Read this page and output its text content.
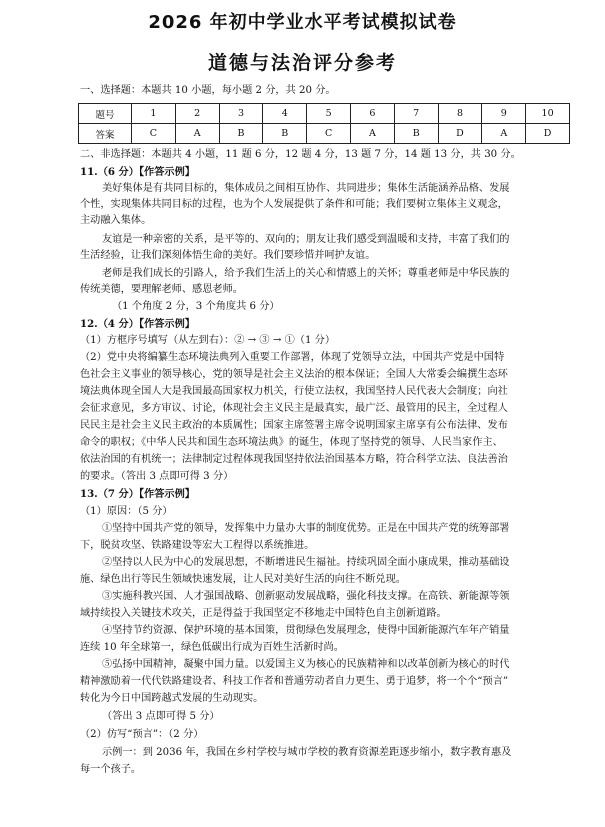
2026 年初中学业水平考试模拟试卷
道德与法治评分参考
一、选择题：本题共 10 小题，每小题 2 分，共 20 分。
题号	1	2	3	4	5	6	7	8	9	10
答案	C	A	B	B	C	A	B	D	A	D
二、非选择题：本题共 4 小题，11 题 6 分，12 题 4 分，13 题 7 分，14 题 13 分，共 30 分。
11.（6 分）【作答示例】
美好集体是有共同目标的，集体成员之间相互协作、共同进步；集体生活能涵养品格、发展
个性，实现集体共同目标的过程，也为个人发展提供了条件和可能；我们要树立集体主义观念，
主动融入集体。
友谊是一种亲密的关系，是平等的、双向的；朋友让我们感受到温暖和支持，丰富了我们的
生活经验，让我们深刻体悟生命的美好。我们要珍惜并呵护友谊。
老师是我们成长的引路人，给予我们生活上的关心和情感上的关怀；尊重老师是中华民族的
传统美德，要理解老师、感恩老师。
（1 个角度 2 分，3 个角度共 6 分）
12.（4 分）【作答示例】
（1）方框序号填写（从左到右）：② → ③ → ①（1 分）
（2）党中央将编纂生态环境法典列入重要工作部署，体现了党领导立法，中国共产党是中国特
色社会主义事业的领导核心，党的领导是社会主义法治的根本保证；全国人大常委会编撰生态环
境法典体现全国人大是我国最高国家权力机关，行使立法权，我国坚持人民代表大会制度；向社
会征求意见，多方审议、讨论，体现社会主义民主是最真实，最广泛、最管用的民主，全过程人
民民主是社会主义民主政治的本质属性；国家主席签署主席令说明国家主席享有公布法律、发布
命令的职权；《中华人民共和国生态环境法典》的诞生，体现了坚持党的领导、人民当家作主、
依法治国的有机统一；法律制定过程体现我国坚持依法治国基本方略，符合科学立法、良法善治
的要求。（答出 3 点即可得 3 分）
13.（7 分）【作答示例】
（1）原因：（5 分）
①坚持中国共产党的领导，发挥集中力量办大事的制度优势。正是在中国共产党的统筹部署
下，脱贫攻坚、铁路建设等宏大工程得以系统推进。
②坚持以人民为中心的发展思想，不断增进民生福祉。持续巩固全面小康成果，推动基础设
施、绿色出行等民生领域快速发展，让人民对美好生活的向往不断兑现。
③实施科教兴国、人才强国战略、创新驱动发展战略，强化科技支撑。在高铁、新能源等领
域持续投入关键技术攻关，正是得益于我国坚定不移地走中国特色自主创新道路。
④坚持节约资源、保护环境的基本国策，贯彻绿色发展理念，使得中国新能源汽车年产销量
连续 10 年全球第一，绿色低碳出行成为百姓生活新时尚。
⑤弘扬中国精神，凝聚中国力量。以爱国主义为核心的民族精神和以改革创新为核心的时代
精神激励着一代代铁路建设者、科技工作者和普通劳动者自力更生、勇于追梦，将一个个“预言”
转化为今日中国跨越式发展的生动现实。
（答出 3 点即可得 5 分）
（2）仿写“预言”：（2 分）
示例一：到 2036 年，我国在乡村学校与城市学校的教育资源差距逐步缩小，数字教育惠及
每一个孩子。
